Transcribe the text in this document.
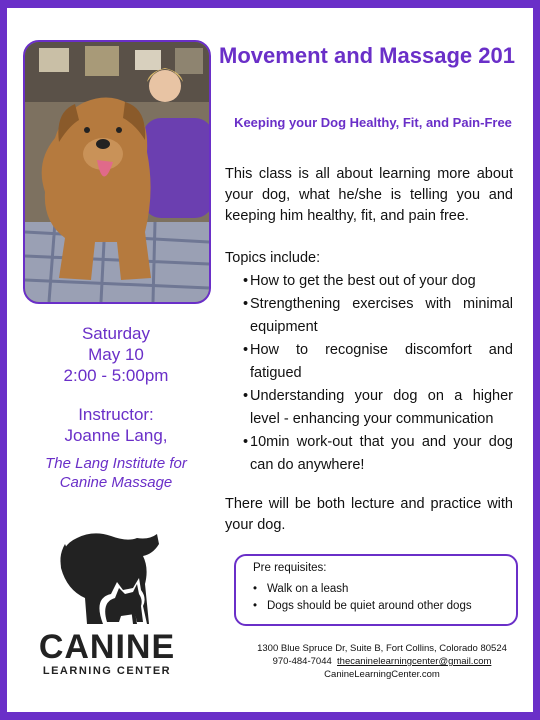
Saturday
May 10
2:00 - 5:00pm
Instructor:
Joanne Lang,
The Lang Institute for Canine Massage
CANINE
LEARNING CENTER
Movement and Massage 201
Keeping your Dog Healthy, Fit, and Pain-Free
This class is all about learning more about your dog, what he/she is telling you and keeping him healthy, fit, and pain free.
Topics include:
• How to get the best out of your dog
• Strengthening exercises with minimal equipment
• How to recognise discomfort and fatigued
• Understanding your dog on a higher level - enhancing your communication
• 10min work-out that you and your dog can do anywhere!
There will be both lecture and practice with your dog.
Pre requisites:
• Walk on a leash
• Dogs should be quiet around other dogs
1300 Blue Spruce Dr, Suite B, Fort Collins, Colorado 80524
970-484-7044 thecaninelearningcenter@gmail.com
CanineLearningCenter.com
